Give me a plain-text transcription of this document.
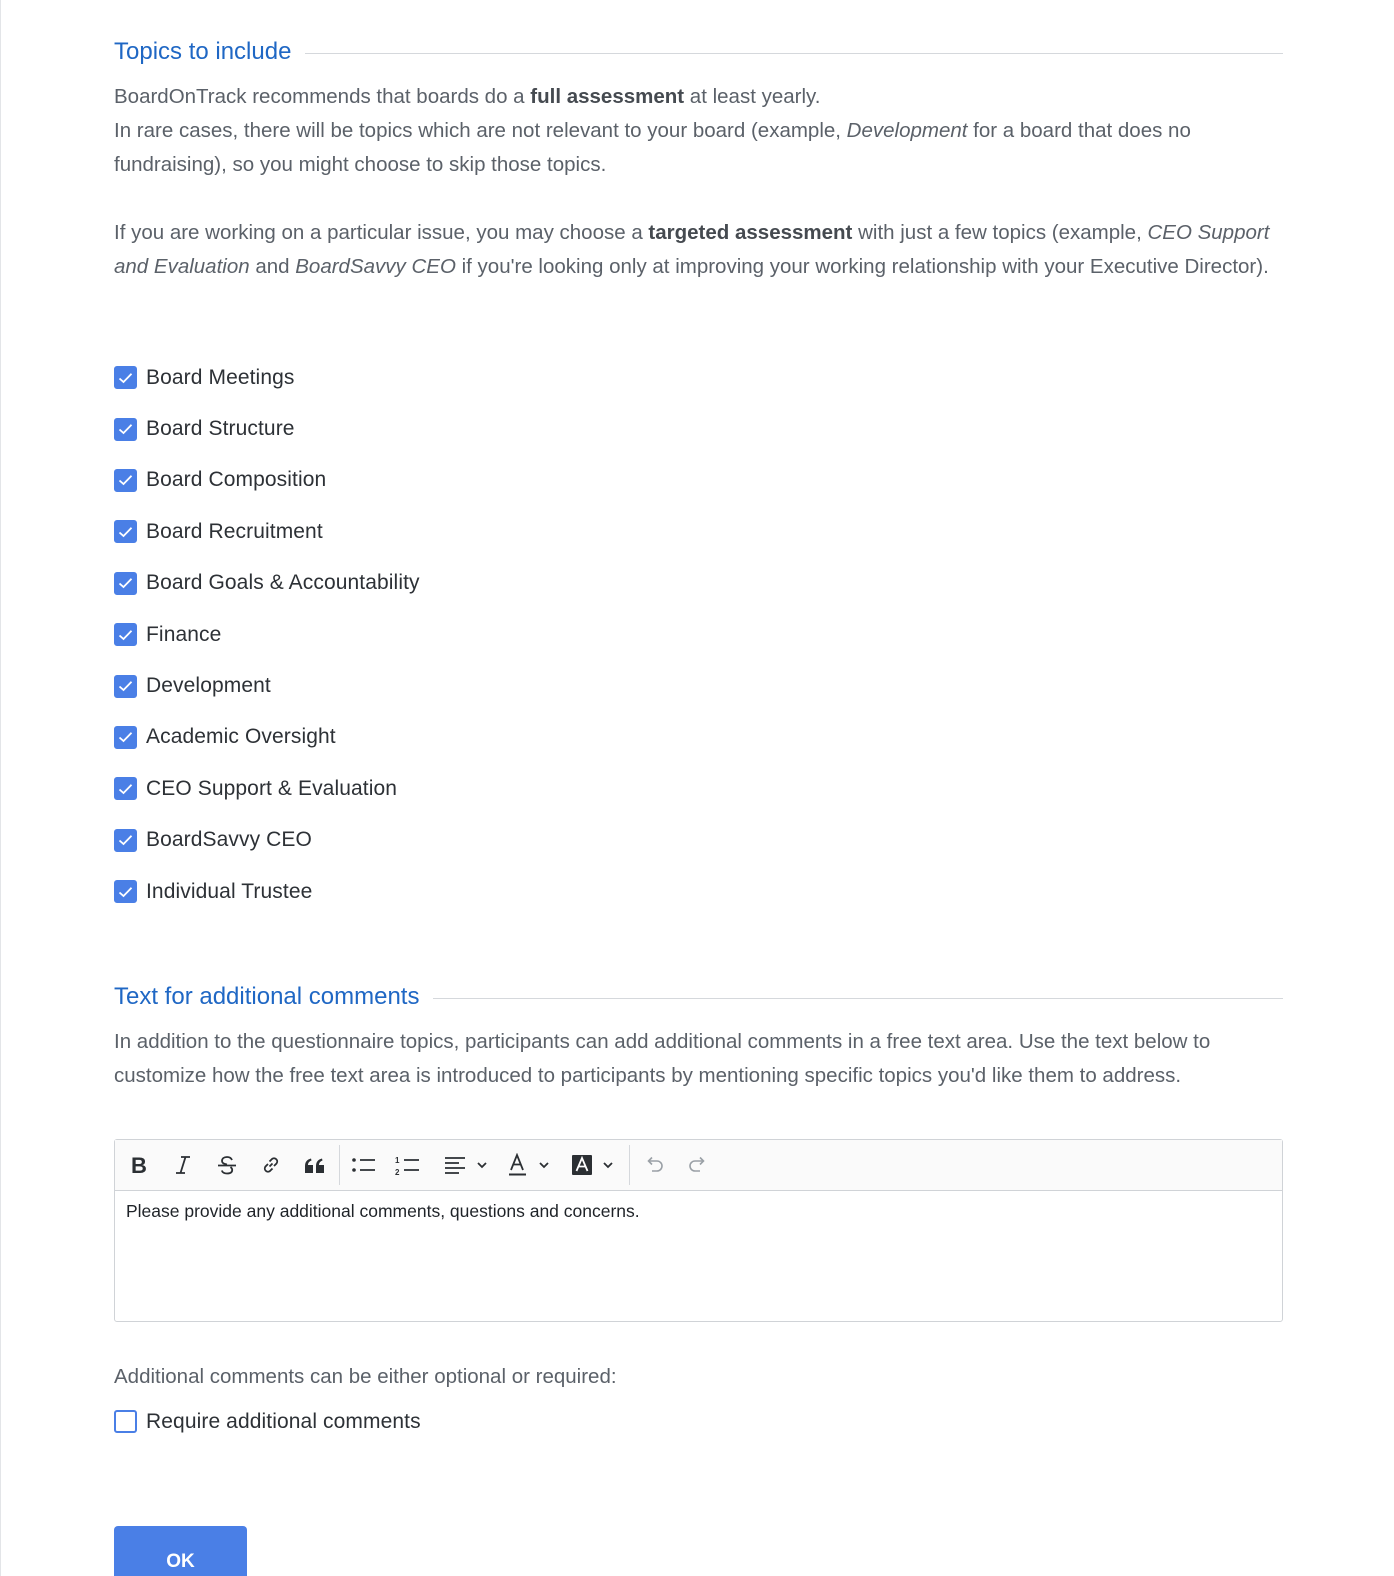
Topics to include

BoardOnTrack recommends that boards do a full assessment at least yearly.
In rare cases, there will be topics which are not relevant to your board (example, Development for a board that does no fundraising), so you might choose to skip those topics.

If you are working on a particular issue, you may choose a targeted assessment with just a few topics (example, CEO Support and Evaluation and BoardSavvy CEO if you're looking only at improving your working relationship with your Executive Director).

Board Meetings
Board Structure
Board Composition
Board Recruitment
Board Goals & Accountability
Finance
Development
Academic Oversight
CEO Support & Evaluation
BoardSavvy CEO
Individual Trustee
Text for additional comments

In addition to the questionnaire topics, participants can add additional comments in a free text area. Use the text below to customize how the free text area is introduced to participants by mentioning specific topics you'd like them to address.

B	1
2
Please provide any additional comments, questions and concerns.

Additional comments can be either optional or required:

Require additional comments
OK
